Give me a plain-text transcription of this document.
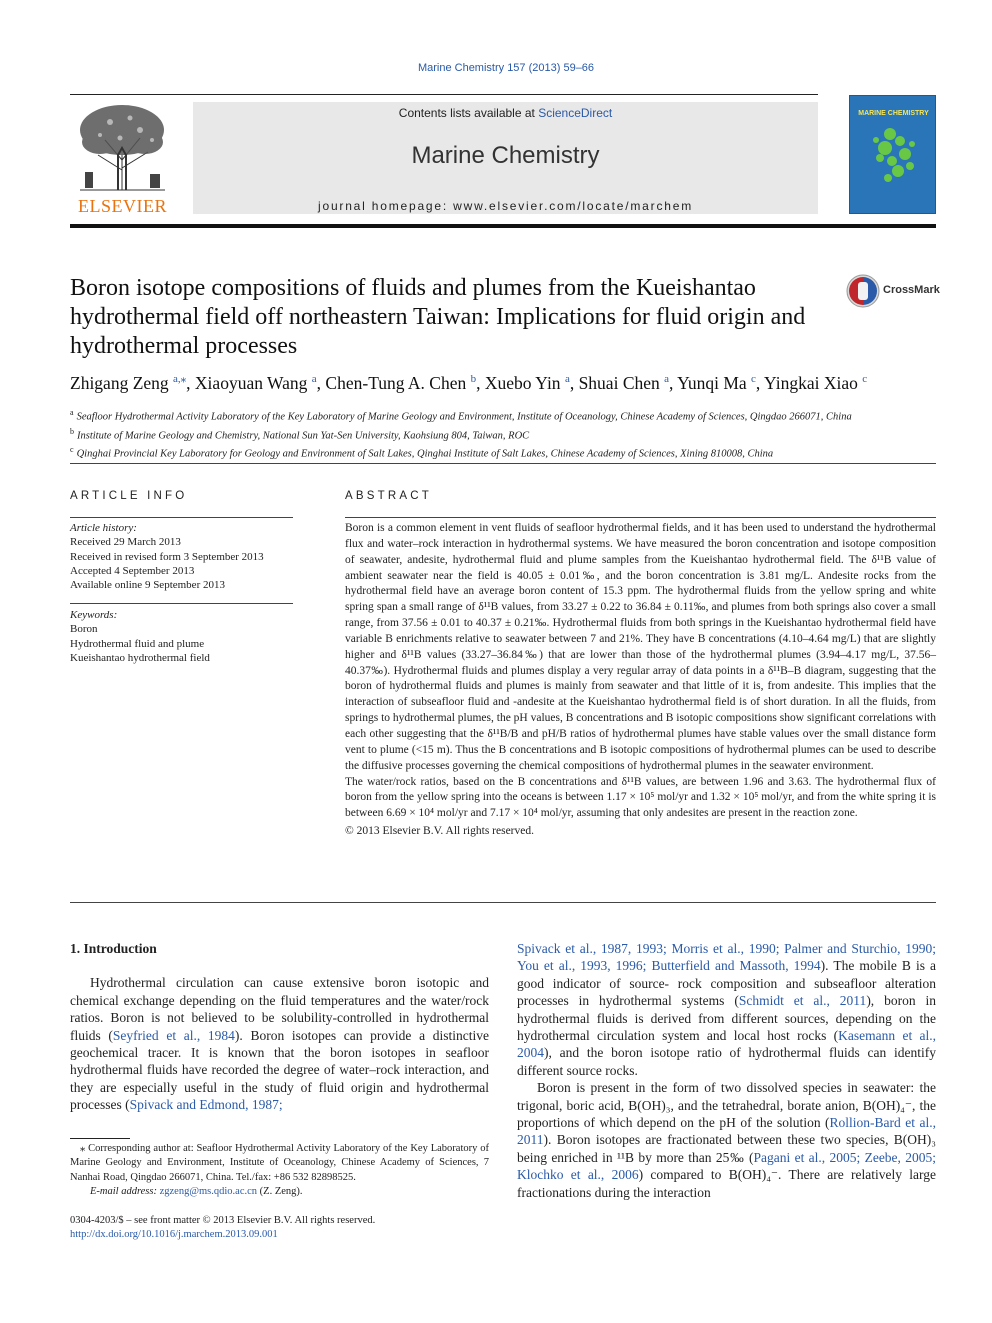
Marine Chemistry 157 (2013) 59–66
ELSEVIER
Contents lists available at ScienceDirect
Marine Chemistry
journal homepage: www.elsevier.com/locate/marchem
MARINE CHEMISTRY
Boron isotope compositions of fluids and plumes from the Kueishantao hydrothermal field off northeastern Taiwan: Implications for fluid origin and hydrothermal processes
CrossMark
Zhigang Zeng $^{a,⁎}$, Xiaoyuan Wang $^a$, Chen-Tung A. Chen $^b$, Xuebo Yin $^a$, Shuai Chen $^a$, Yunqi Ma $^c$, Yingkai Xiao $^c$
$^a$ Seafloor Hydrothermal Activity Laboratory of the Key Laboratory of Marine Geology and Environment, Institute of Oceanology, Chinese Academy of Sciences, Qingdao 266071, China
$^b$ Institute of Marine Geology and Chemistry, National Sun Yat-Sen University, Kaohsiung 804, Taiwan, ROC
$^c$ Qinghai Provincial Key Laboratory for Geology and Environment of Salt Lakes, Qinghai Institute of Salt Lakes, Chinese Academy of Sciences, Xining 810008, China
ARTICLE INFO	ABSTRACT
Article history:
Received 29 March 2013
Received in revised form 3 September 2013
Accepted 4 September 2013
Available online 9 September 2013
Keywords:
Boron
Hydrothermal fluid and plume
Kueishantao hydrothermal field

Boron is a common element in vent fluids of seafloor hydrothermal fields, and it has been used to understand the hydrothermal flux and water–rock interaction in hydrothermal systems. We have measured the boron concentration and isotope composition of seawater, andesite, hydrothermal fluid and plume samples from the Kueishantao hydrothermal field. The δ¹¹B value of ambient seawater near the field is 40.05 ± 0.01‰, and the boron concentration is 3.81 mg/L. Andesite rocks from the hydrothermal field have an average boron content of 15.3 ppm. The hydrothermal fluids from the yellow spring and white spring span a small range of δ¹¹B values, from 33.27 ± 0.22 to 36.84 ± 0.11‰, and plumes from both springs also cover a small range, from 37.56 ± 0.01 to 40.37 ± 0.21‰. Hydrothermal fluids from both springs in the Kueishantao hydrothermal field have variable B enrichments relative to seawater between 7 and 21%. They have B concentrations (4.10–4.64 mg/L) that are slightly higher and δ¹¹B values (33.27–36.84‰) that are lower than those of the hydrothermal plumes (3.94–4.17 mg/L, 37.56–40.37‰). Hydrothermal fluids and plumes display a very regular array of data points in a δ¹¹B–B diagram, suggesting that the boron of hydrothermal fluids and plumes is mainly from seawater and that little of it is, from andesite. This implies that the interaction of subseafloor fluid and -andesite at the Kueishantao hydrothermal field is of short duration. In all the fluids, from springs to hydrothermal plumes, the pH values, B concentrations and B isotopic compositions show significant correlations with each other suggesting that the δ¹¹B/B and pH/B ratios of hydrothermal plumes have stable values over the small distance form vent to plume (<15 m). Thus the B concentrations and B isotopic compositions of hydrothermal plumes can be used to describe the diffusive processes governing the chemical compositions of hydrothermal plumes in the seawater environment.

The water/rock ratios, based on the B concentrations and δ¹¹B values, are between 1.96 and 3.63. The hydrothermal flux of boron from the yellow spring into the oceans is between 1.17 × 10⁵ mol/yr and 1.32 × 10⁵ mol/yr, and from the white spring it is between 6.69 × 10⁴ mol/yr and 7.17 × 10⁴ mol/yr, assuming that only andesites are present in the reaction zone.

© 2013 Elsevier B.V. All rights reserved.

1. Introduction

Hydrothermal circulation can cause extensive boron isotopic and chemical exchange depending on the fluid temperatures and the water/rock ratios. Boron is not believed to be solubility-controlled in hydrothermal fluids (Seyfried et al., 1984). Boron isotopes can provide a distinctive geochemical tracer. It is known that the boron isotopes in seafloor hydrothermal fluids have recorded the degree of water–rock interaction, and they are especially useful in the study of fluid origin and hydrothermal processes (Spivack and Edmond, 1987;

Spivack et al., 1987, 1993; Morris et al., 1990; Palmer and Sturchio, 1990; You et al., 1993, 1996; Butterfield and Massoth, 1994). The mobile B is a good indicator of source- rock composition and subseafloor alteration processes in hydrothermal systems (Schmidt et al., 2011), boron in hydrothermal fluids is derived from different sources, depending on the hydrothermal circulation system and local host rocks (Kasemann et al., 2004), and the boron isotope ratio of hydrothermal fluids can identify different source rocks.

Boron is present in the form of two dissolved species in seawater: the trigonal, boric acid, B(OH)₃, and the tetrahedral, borate anion, B(OH)₄⁻, the proportions of which depend on the pH of the solution (Rollion-Bard et al., 2011). Boron isotopes are fractionated between these two species, B(OH)₃ being enriched in ¹¹B by more than 25‰ (Pagani et al., 2005; Zeebe, 2005; Klochko et al., 2006) compared to B(OH)₄⁻. There are relatively large fractionations during the interaction

⁎ Corresponding author at: Seafloor Hydrothermal Activity Laboratory of the Key Laboratory of Marine Geology and Environment, Institute of Oceanology, Chinese Academy of Sciences, 7 Nanhai Road, Qingdao 266071, China. Tel./fax: +86 532 82898525.
E-mail address: zgzeng@ms.qdio.ac.cn (Z. Zeng).
0304-4203/$ – see front matter © 2013 Elsevier B.V. All rights reserved.
http://dx.doi.org/10.1016/j.marchem.2013.09.001
